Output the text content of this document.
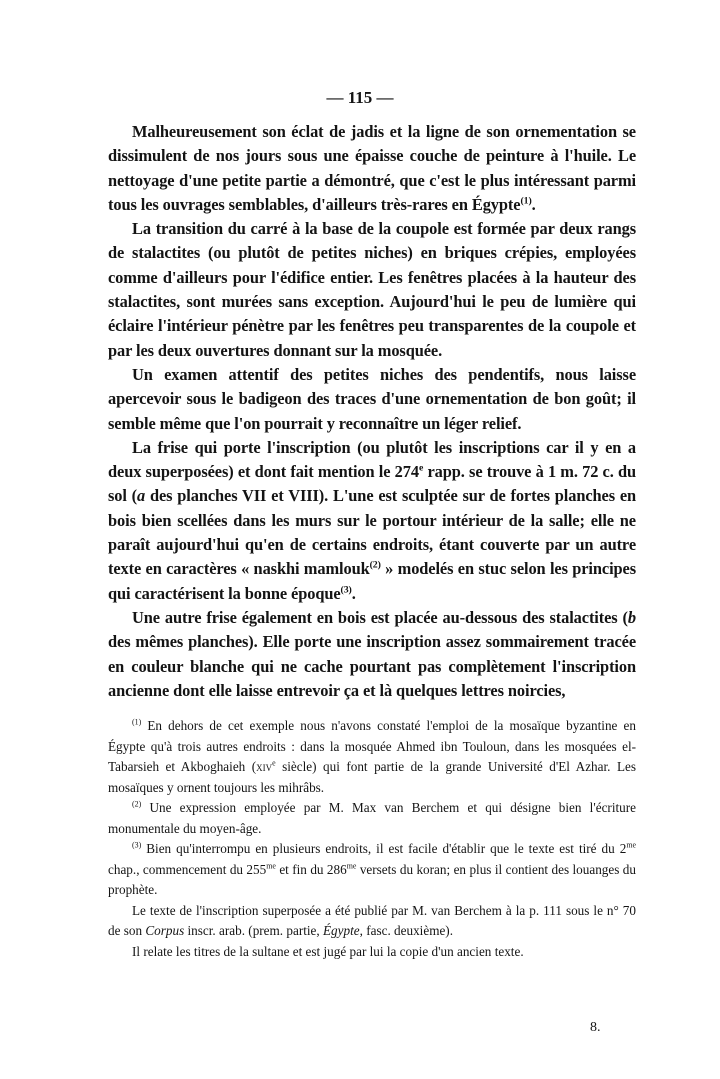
— 115 —

Malheureusement son éclat de jadis et la ligne de son ornementation se dissimulent de nos jours sous une épaisse couche de peinture à l'huile. Le nettoyage d'une petite partie a démontré, que c'est le plus intéressant parmi tous les ouvrages semblables, d'ailleurs très-rares en Égypte$^{(1)}$.

La transition du carré à la base de la coupole est formée par deux rangs de stalactites (ou plutôt de petites niches) en briques crépies, employées comme d'ailleurs pour l'édifice entier. Les fenêtres placées à la hauteur des stalactites, sont murées sans exception. Aujourd'hui le peu de lumière qui éclaire l'intérieur pénètre par les fenêtres peu transparentes de la coupole et par les deux ouvertures donnant sur la mosquée.

Un examen attentif des petites niches des pendentifs, nous laisse apercevoir sous le badigeon des traces d'une ornementation de bon goût; il semble même que l'on pourrait y reconnaître un léger relief.

La frise qui porte l'inscription (ou plutôt les inscriptions car il y en a deux superposées) et dont fait mention le 274e rapp. se trouve à 1 m. 72 c. du sol (a des planches VII et VIII). L'une est sculptée sur de fortes planches en bois bien scellées dans les murs sur le portour intérieur de la salle; elle ne paraît aujourd'hui qu'en de certains endroits, étant couverte par un autre texte en caractères « naskhi mamlouk$^{(2)}$ » modelés en stuc selon les principes qui caractérisent la bonne époque$^{(3)}$.

Une autre frise également en bois est placée au-dessous des stalactites (b des mêmes planches). Elle porte une inscription assez sommairement tracée en couleur blanche qui ne cache pourtant pas complètement l'inscription ancienne dont elle laisse entrevoir ça et là quelques lettres noircies,

$^{(1)}$ En dehors de cet exemple nous n'avons constaté l'emploi de la mosaïque byzantine en Égypte qu'à trois autres endroits : dans la mosquée Ahmed ibn Touloun, dans les mosquées el-Tabarsieh et Akboghaieh (xiv$^e$ siècle) qui font partie de la grande Université d'El Azhar. Les mosaïques y ornent toujours les mihrâbs.

$^{(2)}$ Une expression employée par M. Max van Berchem et qui désigne bien l'écriture monumentale du moyen-âge.

$^{(3)}$ Bien qu'interrompu en plusieurs endroits, il est facile d'établir que le texte est tiré du $2^{me}$ chap., commencement du $255^{me}$ et fin du $286^{me}$ versets du koran; en plus il contient des louanges du prophète.

Le texte de l'inscription superposée a été publié par M. van Berchem à la p. 111 sous le n° 70 de son Corpus inscr. arab. (prem. partie, Égypte, fasc. deuxième).

Il relate les titres de la sultane et est jugé par lui la copie d'un ancien texte.

8.
